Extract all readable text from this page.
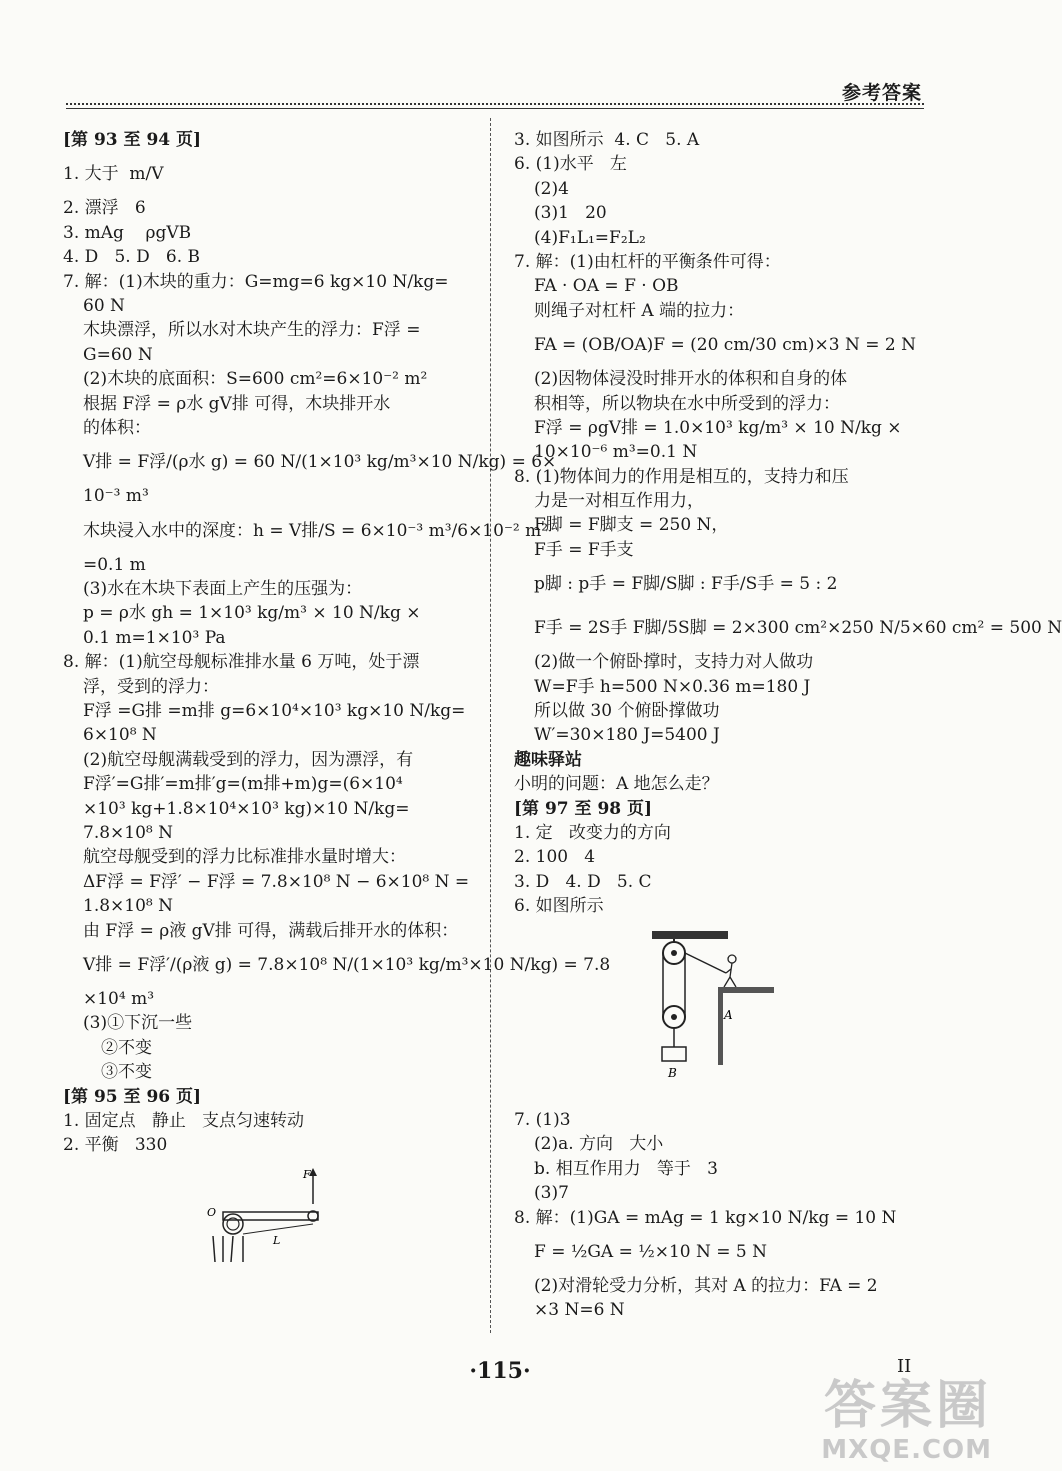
参考答案
[第 93 至 94 页]
1. 大于  m/V
2. 漂浮   6
3. mAg    ρgVB
4. D   5. D   6. B
7. 解：(1)木块的重力：G=mg=6 kg×10 N/kg=
60 N
木块漂浮，所以水对木块产生的浮力：F浮 =
G=60 N
(2)木块的底面积：S=600 cm²=6×10⁻² m²
根据 F浮 = ρ水 gV排 可得，木块排开水
的体积：
V排 = F浮/(ρ水 g) = 60 N/(1×10³ kg/m³×10 N/kg) = 6×
10⁻³ m³
木块浸入水中的深度：h = V排/S = 6×10⁻³ m³/6×10⁻² m²
=0.1 m
(3)水在木块下表面上产生的压强为：
p = ρ水 gh = 1×10³ kg/m³ × 10 N/kg ×
0.1 m=1×10³ Pa
8. 解：(1)航空母舰标准排水量 6 万吨，处于漂
浮，受到的浮力：
F浮 =G排 =m排 g=6×10⁴×10³ kg×10 N/kg=
6×10⁸ N
(2)航空母舰满载受到的浮力，因为漂浮，有
F浮′=G排′=m排′g=(m排+m)g=(6×10⁴
×10³ kg+1.8×10⁴×10³ kg)×10 N/kg=
7.8×10⁸ N
航空母舰受到的浮力比标准排水量时增大：
ΔF浮 = F浮′ − F浮 = 7.8×10⁸ N − 6×10⁸ N =
1.8×10⁸ N
由 F浮 = ρ液 gV排 可得，满载后排开水的体积：
V排 = F浮′/(ρ液 g) = 7.8×10⁸ N/(1×10³ kg/m³×10 N/kg) = 7.8
×10⁴ m³
(3)①下沉一些
②不变
③不变
[第 95 至 96 页]
1. 固定点   静止   支点匀速转动
2. 平衡   330
F
O
L
3. 如图所示  4. C   5. A
6. (1)水平   左
(2)4
(3)1   20
(4)F₁L₁=F₂L₂
7. 解：(1)由杠杆的平衡条件可得：
FA · OA = F · OB
则绳子对杠杆 A 端的拉力：
FA = (OB/OA)F = (20 cm/30 cm)×3 N = 2 N
(2)因物体浸没时排开水的体积和自身的体
积相等，所以物块在水中所受到的浮力：
F浮 = ρgV排 = 1.0×10³ kg/m³ × 10 N/kg ×
10×10⁻⁶ m³=0.1 N
8. (1)物体间力的作用是相互的，支持力和压
力是一对相互作用力，
F脚 = F脚支 = 250 N，
F手 = F手支
p脚 : p手 = F脚/S脚 : F手/S手 = 5 : 2
F手 = 2S手 F脚/5S脚 = 2×300 cm²×250 N/5×60 cm² = 500 N
(2)做一个俯卧撑时，支持力对人做功
W=F手 h=500 N×0.36 m=180 J
所以做 30 个俯卧撑做功
W′=30×180 J=5400 J
趣味驿站
小明的问题：A 地怎么走？
[第 97 至 98 页]
1. 定   改变力的方向
2. 100   4
3. D   4. D   5. C
6. 如图所示
B
A
7. (1)3
(2)a. 方向   大小
b. 相互作用力   等于   3
(3)7
8. 解：(1)GA = mAg = 1 kg×10 N/kg = 10 N
F = ½GA = ½×10 N = 5 N
(2)对滑轮受力分析，其对 A 的拉力：FA = 2
×3 N=6 N
·115·	II
答案圈
MXQE.COM
